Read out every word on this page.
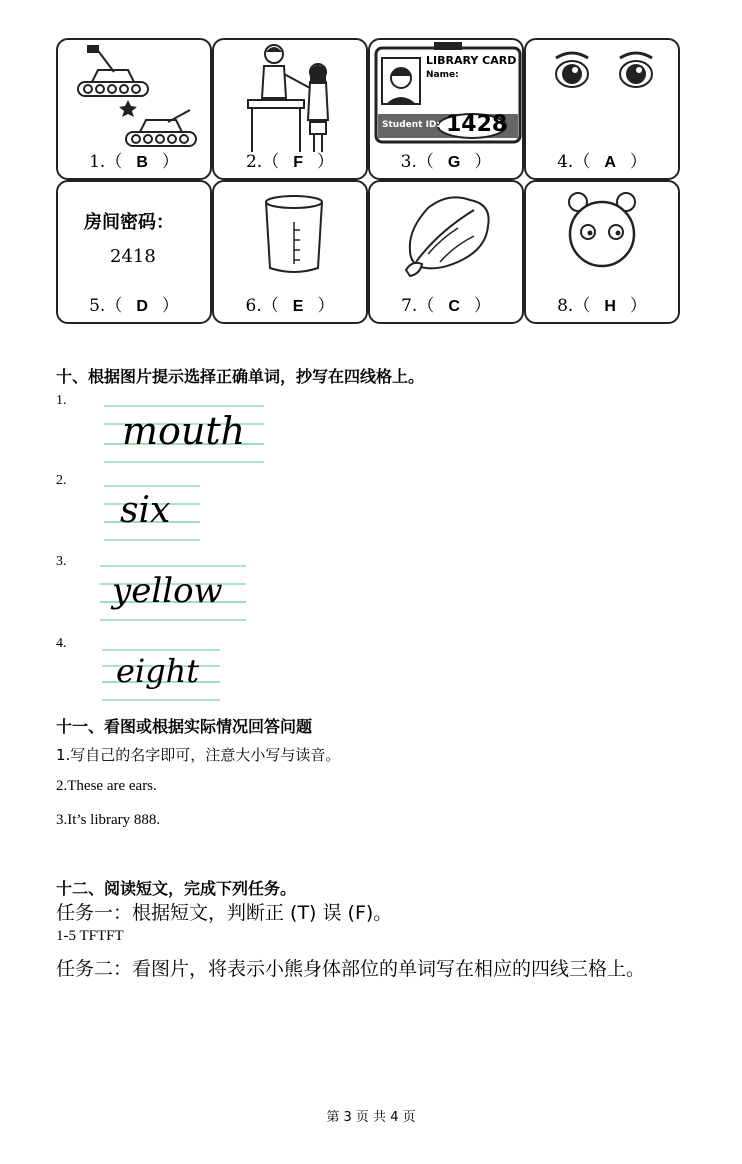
1.（ B ）	2.（ F ）
LIBRARY CARD
Name:
Student ID: 1428
3.（ G ）	4.（ A ）
房间密码：
2418
5.（ D ）	6.（ E ）	7.（ C ）	8.（ H ）
十、根据图片提示选择正确单词，抄写在四线格上。
1.
mouth
2.
six
3.
yellow
4.
eight
十一、看图或根据实际情况回答问题
1.写自己的名字即可，注意大小写与读音。
2.These are ears.
3.It’s library 888.
十二、阅读短文，完成下列任务。
任务一：根据短文，判断正 (T) 误 (F)。
1-5 TFTFT
任务二：看图片，将表示小熊身体部位的单词写在相应的四线三格上。
第 3 页 共 4 页
